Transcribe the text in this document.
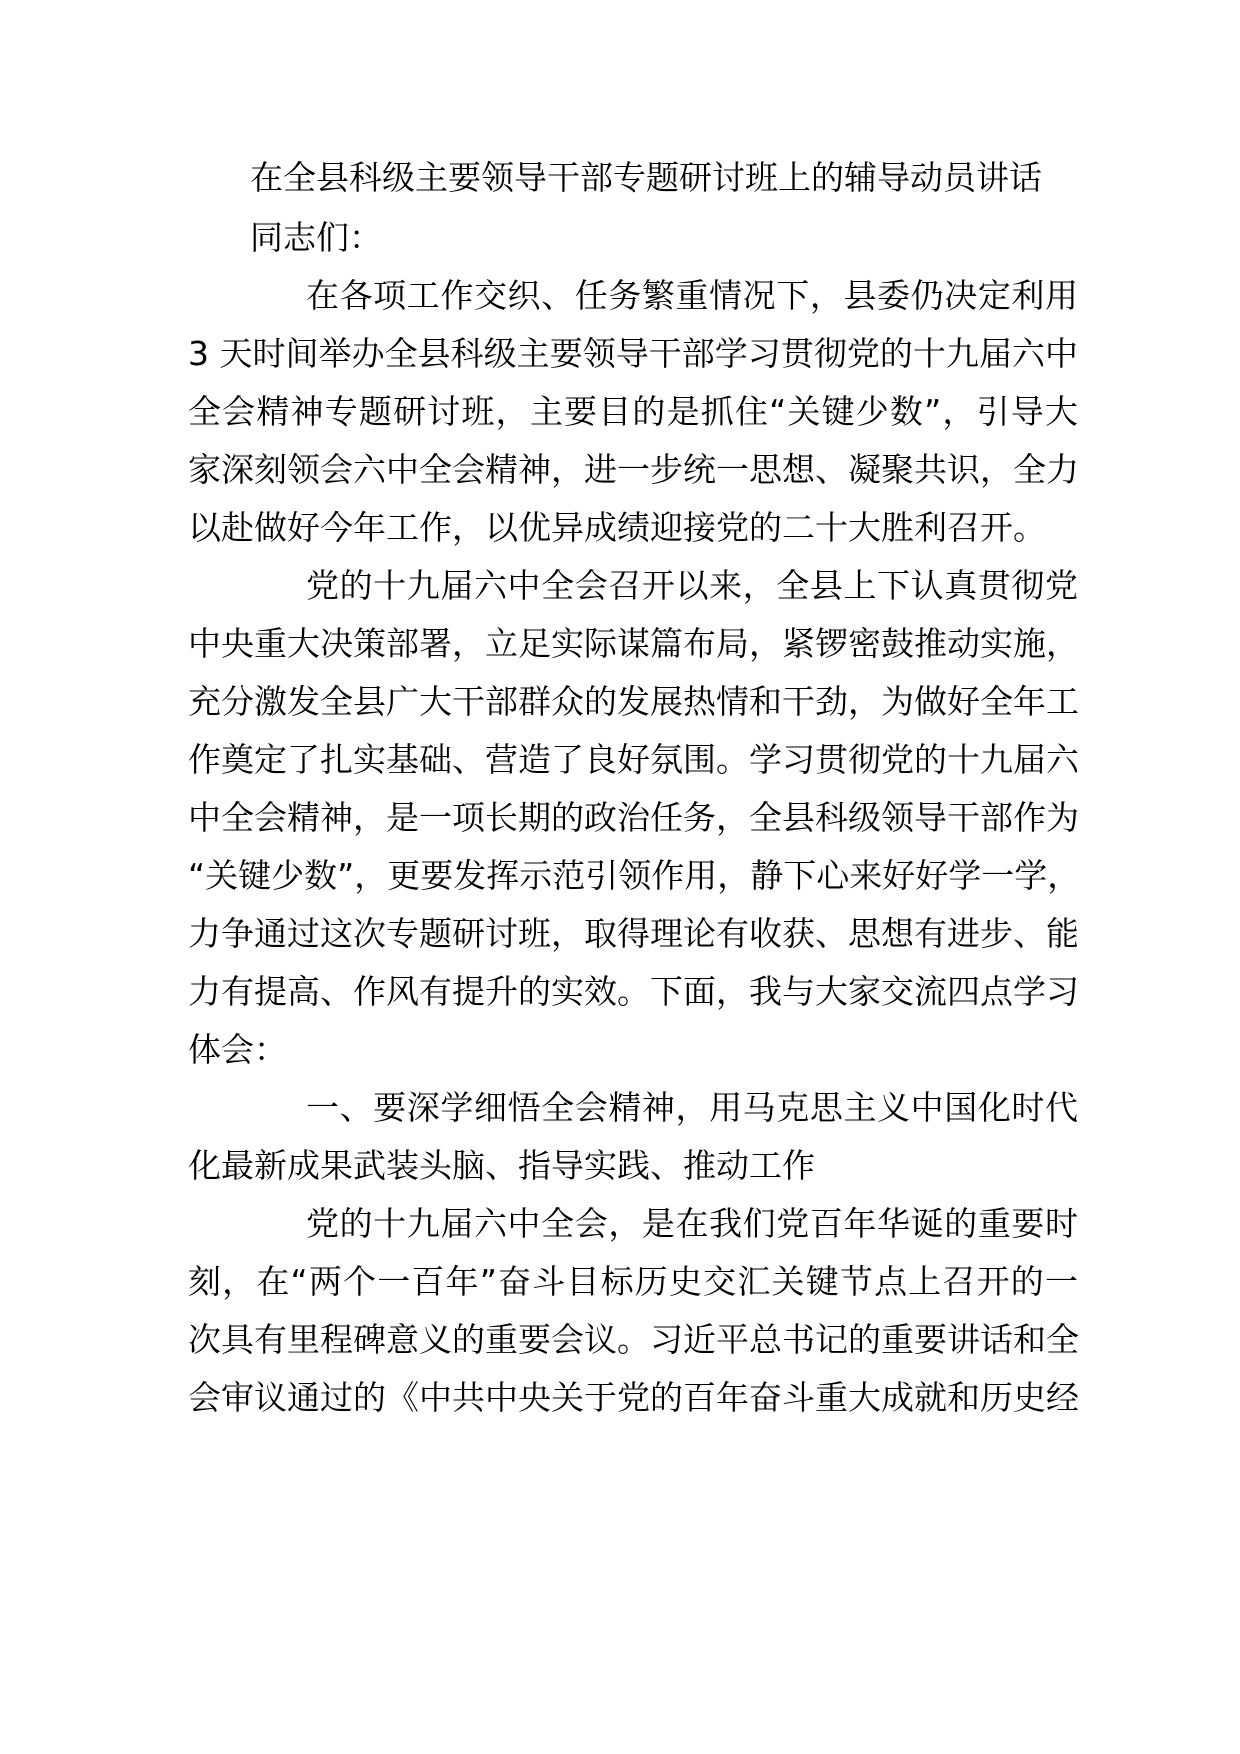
在全县科级主要领导干部专题研讨班上的辅导动员讲话
同志们：
在各项工作交织、任务繁重情况下，县委仍决定利用
3 天时间举办全县科级主要领导干部学习贯彻党的十九届六中
全会精神专题研讨班，主要目的是抓住“关键少数”，引导大
家深刻领会六中全会精神，进一步统一思想、凝聚共识，全力
以赴做好今年工作，以优异成绩迎接党的二十大胜利召开。
党的十九届六中全会召开以来，全县上下认真贯彻党
中央重大决策部署，立足实际谋篇布局，紧锣密鼓推动实施，
充分激发全县广大干部群众的发展热情和干劲，为做好全年工
作奠定了扎实基础、营造了良好氛围。学习贯彻党的十九届六
中全会精神，是一项长期的政治任务，全县科级领导干部作为
“关键少数”，更要发挥示范引领作用，静下心来好好学一学，
力争通过这次专题研讨班，取得理论有收获、思想有进步、能
力有提高、作风有提升的实效。下面，我与大家交流四点学习
体会：
一、要深学细悟全会精神，用马克思主义中国化时代
化最新成果武装头脑、指导实践、推动工作
党的十九届六中全会，是在我们党百年华诞的重要时
刻，在“两个一百年”奋斗目标历史交汇关键节点上召开的一
次具有里程碑意义的重要会议。习近平总书记的重要讲话和全
会审议通过的《中共中央关于党的百年奋斗重大成就和历史经
